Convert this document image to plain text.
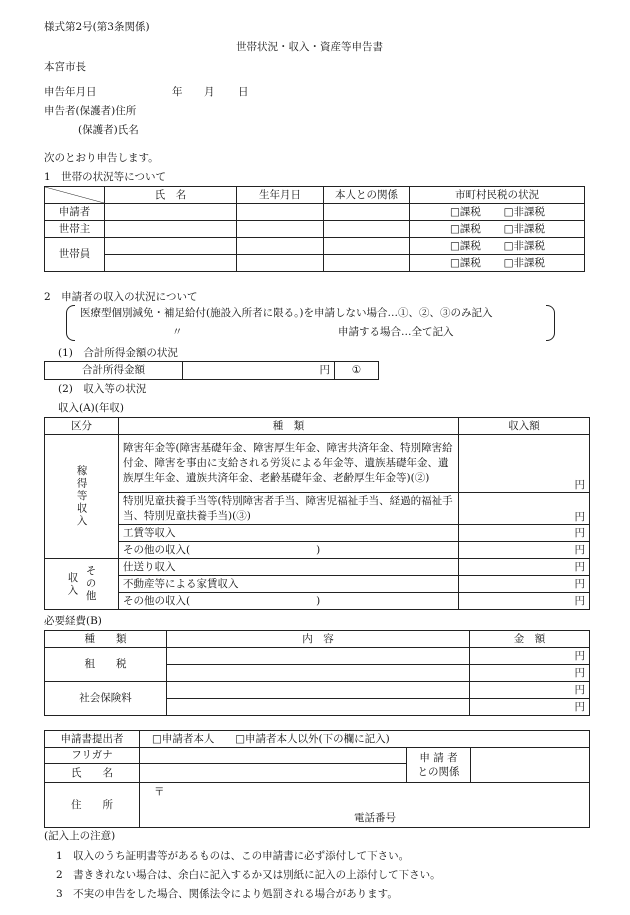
様式第2号(第3条関係)
世帯状況・収入・資産等申告書
本宮市長
申告年月日	年 月 日
申告者(保護者)住所
(保護者)氏名
次のとおり申告します。
1　世帯の状況等について
	氏　名	生年月日	本人との関係	市町村民税の状況
申請者				□課税 □非課税
世帯主				□課税 □非課税
世帯員				□課税 □非課税
				□課税 □非課税
2　申請者の収入の状況について
医療型個別減免・補足給付(施設入所者に限る。)を申請しない場合…①、②、③のみ記入
〃	申請する場合…全て記入
(1)　合計所得金額の状況
合計所得金額	円	①
(2)　収入等の状況
収入(A)(年収)
区分	種　類	収入額

稼得等収入	障害年金等(障害基礎年金、障害厚生年金、障害共済年金、特別障害給付金、障害を事由に支給される労災による年金等、遺族基礎年金、遺族厚生年金、遺族共済年金、老齢基礎年金、老齢厚生年金等)(②)	円
	特別児童扶養手当等(特別障害者手当、障害児福祉手当、経過的福祉手当、特別児童扶養手当)(③)	円
	工賃等収入	円
	その他の収入(　　　　　　　　　　　　)	円

収入 その他	仕送り収入	円
	不動産等による家賃収入	円
	その他の収入(　　　　　　　　　　　　)	円
必要経費(B)
種　　類	内　容	金　額
租　　税		円
		円
社会保険料		円
		円
申請書提出者	□申請者本人 □申請者本人以外(下の欄に記入)		
フリガナ		申 請 者
との関係	
氏　　名			
住　　所	〒
電話番号		
(記入上の注意)
1　収入のうち証明書等があるものは、この申請書に必ず添付して下さい。
2　書ききれない場合は、余白に記入するか又は別紙に記入の上添付して下さい。
3　不実の申告をした場合、関係法令により処罰される場合があります。
